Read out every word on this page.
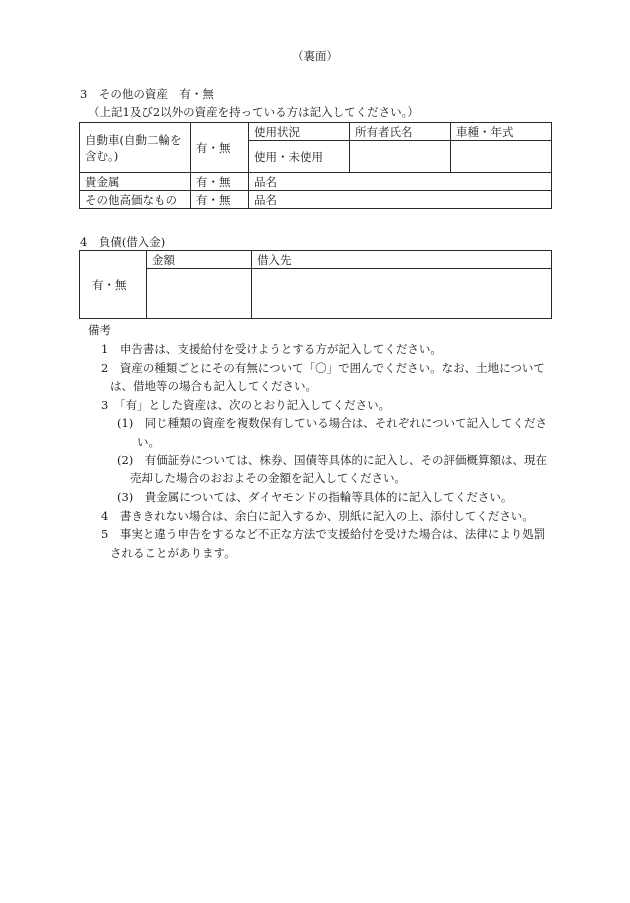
（裏面）
3　その他の資産　有・無
（上記1及び2以外の資産を持っている方は記入してください。）
自動車(自動二輪を
含む。)	有・無	使用状況	所有者氏名	車種・年式
		使用・未使用		
貴金属	有・無	品名		
その他高価なもの	有・無	品名		
4　負債(借入金)
有・無	金額	借入先

備考
1　申告書は、支援給付を受けようとする方が記入してください。
2　資産の種類ごとにその有無について「〇」で囲んでください。なお、土地について
は、借地等の場合も記入してください。
3　「有」とした資産は、次のとおり記入してください。
(1)　同じ種類の資産を複数保有している場合は、それぞれについて記入してくださ
い。
(2)　有価証券については、株券、国債等具体的に記入し、その評価概算額は、現在
売却した場合のおおよその金額を記入してください。
(3)　貴金属については、ダイヤモンドの指輪等具体的に記入してください。
4　書ききれない場合は、余白に記入するか、別紙に記入の上、添付してください。
5　事実と違う申告をするなど不正な方法で支援給付を受けた場合は、法律により処罰
されることがあります。
